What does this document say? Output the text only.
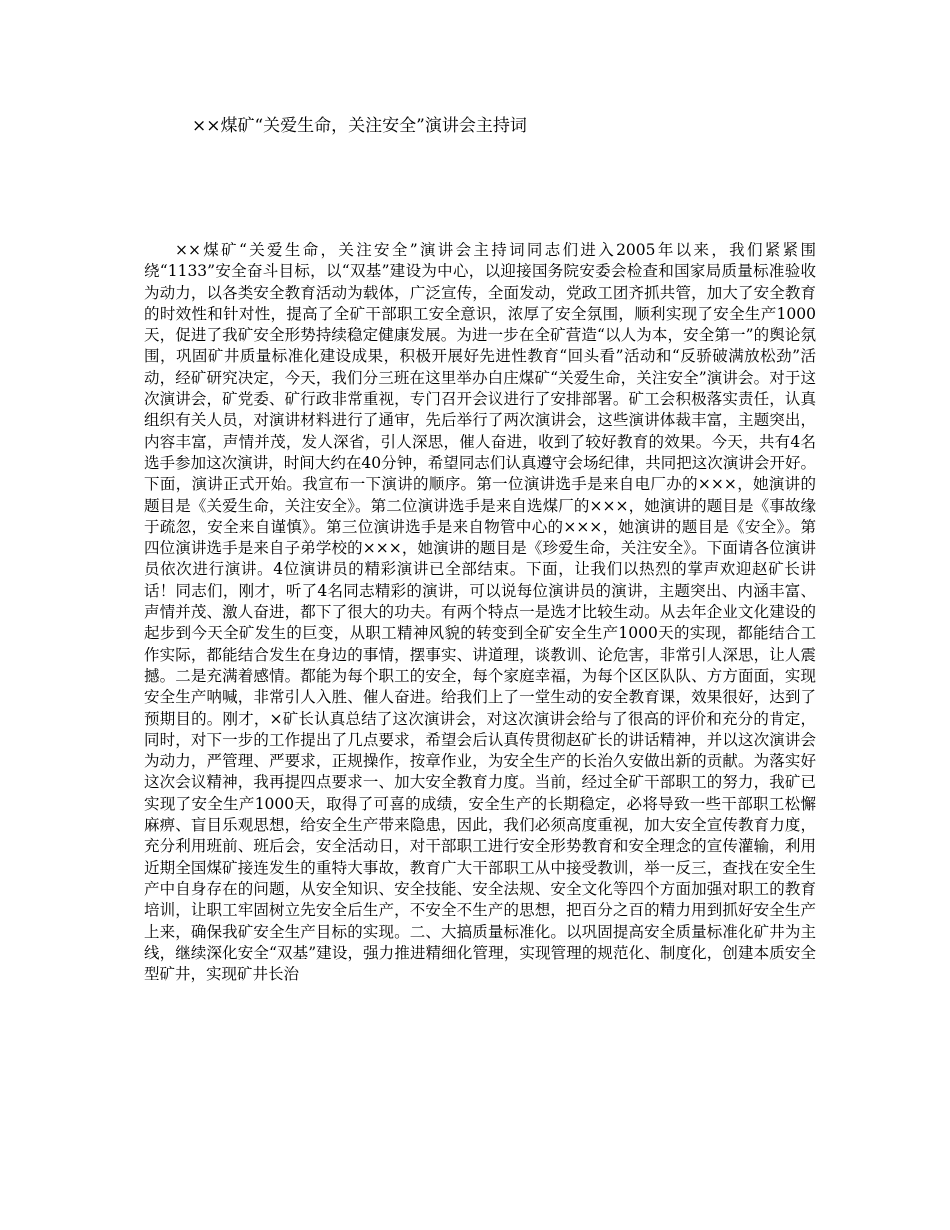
××煤矿“关爱生命，关注安全”演讲会主持词

××煤矿“关爱生命，关注安全”演讲会主持词同志们进入2005年以来，我们紧紧围绕“1133”安全奋斗目标，以“双基”建设为中心，以迎接国务院安委会检查和国家局质量标准验收为动力，以各类安全教育活动为载体，广泛宣传，全面发动，党政工团齐抓共管，加大了安全教育的时效性和针对性，提高了全矿干部职工安全意识，浓厚了安全氛围，顺利实现了安全生产1000天，促进了我矿安全形势持续稳定健康发展。为进一步在全矿营造“以人为本，安全第一”的舆论氛围，巩固矿井质量标准化建设成果，积极开展好先进性教育“回头看”活动和“反骄破满放松劲”活动，经矿研究决定，今天，我们分三班在这里举办白庄煤矿“关爱生命，关注安全”演讲会。对于这次演讲会，矿党委、矿行政非常重视，专门召开会议进行了安排部署。矿工会积极落实责任，认真组织有关人员，对演讲材料进行了通审，先后举行了两次演讲会，这些演讲体裁丰富，主题突出，内容丰富，声情并茂，发人深省，引人深思，催人奋进，收到了较好教育的效果。今天，共有4名选手参加这次演讲，时间大约在40分钟，希望同志们认真遵守会场纪律，共同把这次演讲会开好。下面，演讲正式开始。我宣布一下演讲的顺序。第一位演讲选手是来自电厂办的×××，她演讲的题目是《关爱生命，关注安全》。第二位演讲选手是来自选煤厂的×××，她演讲的题目是《事故缘于疏忽，安全来自谨慎》。第三位演讲选手是来自物管中心的×××，她演讲的题目是《安全》。第四位演讲选手是来自子弟学校的×××，她演讲的题目是《珍爱生命，关注安全》。下面请各位演讲员依次进行演讲。4位演讲员的精彩演讲已全部结束。下面，让我们以热烈的掌声欢迎赵矿长讲话！同志们，刚才，听了4名同志精彩的演讲，可以说每位演讲员的演讲，主题突出、内涵丰富、声情并茂、激人奋进，都下了很大的功夫。有两个特点一是选才比较生动。从去年企业文化建设的起步到今天全矿发生的巨变，从职工精神风貌的转变到全矿安全生产1000天的实现，都能结合工作实际，都能结合发生在身边的事情，摆事实、讲道理，谈教训、论危害，非常引人深思，让人震撼。二是充满着感情。都能为每个职工的安全，每个家庭幸福，为每个区区队队、方方面面，实现安全生产呐喊，非常引人入胜、催人奋进。给我们上了一堂生动的安全教育课，效果很好，达到了预期目的。刚才，×矿长认真总结了这次演讲会，对这次演讲会给与了很高的评价和充分的肯定，同时，对下一步的工作提出了几点要求，希望会后认真传贯彻赵矿长的讲话精神，并以这次演讲会为动力，严管理、严要求，正规操作，按章作业，为安全生产的长治久安做出新的贡献。为落实好这次会议精神，我再提四点要求一、加大安全教育力度。当前，经过全矿干部职工的努力，我矿已实现了安全生产1000天，取得了可喜的成绩，安全生产的长期稳定，必将导致一些干部职工松懈麻痹、盲目乐观思想，给安全生产带来隐患，因此，我们必须高度重视，加大安全宣传教育力度，充分利用班前、班后会，安全活动日，对干部职工进行安全形势教育和安全理念的宣传灌输，利用近期全国煤矿接连发生的重特大事故，教育广大干部职工从中接受教训，举一反三，查找在安全生产中自身存在的问题，从安全知识、安全技能、安全法规、安全文化等四个方面加强对职工的教育培训，让职工牢固树立先安全后生产，不安全不生产的思想，把百分之百的精力用到抓好安全生产上来，确保我矿安全生产目标的实现。二、大搞质量标准化。以巩固提高安全质量标准化矿井为主线，继续深化安全“双基”建设，强力推进精细化管理，实现管理的规范化、制度化，创建本质安全型矿井，实现矿井长治
